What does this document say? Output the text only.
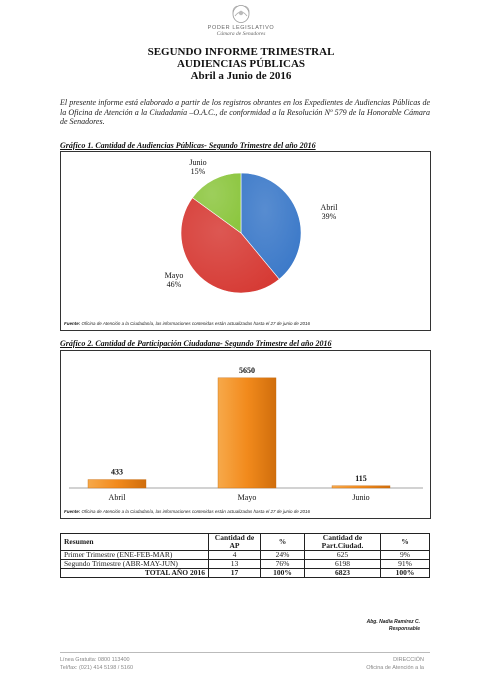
PODER LEGISLATIVO
Cámara de Senadores
SEGUNDO INFORME TRIMESTRAL
AUDIENCIAS PÚBLICAS
Abril a Junio de 2016
El presente informe está elaborado a partir de los registros obrantes en los Expedientes de Audiencias Públicas de la Oficina de Atención a la Ciudadanía –O.A.C., de conformidad a la Resolución Nº 579 de la Honorable Cámara de Senadores.
Gráfico 1. Cantidad de Audiencias Públicas- Segundo Trimestre del año 2016
Abril
39%
Mayo
46%
Junio
15%
Fuente: Oficina de Atención a la Ciudadanía, las informaciones contenidas están actualizadas hasta el 27 de junio de 2016
Gráfico 2. Cantidad de Participación Ciudadana- Segundo Trimestre del año 2016
433
Abril
5650
Mayo
115
Junio
Fuente: Oficina de Atención a la Ciudadanía, las informaciones contenidas están actualizadas hasta el 27 de junio de 2016
Resumen	Cantidad de AP	%	Cantidad de Part.Ciudad.	%
Primer Trimestre (ENE-FEB-MAR)	4	24%	625	9%
Segundo Trimestre (ABR-MAY-JUN)	13	76%	6198	91%
TOTAL AÑO 2016	17	100%	6823	100%
Abg. Nadia Ramírez C.
Responsable
Línea Gratuita: 0800 113400
Tel/fax: (021) 414 5198 / 5160
DIRECCIÓN
Oficina de Atención a la
